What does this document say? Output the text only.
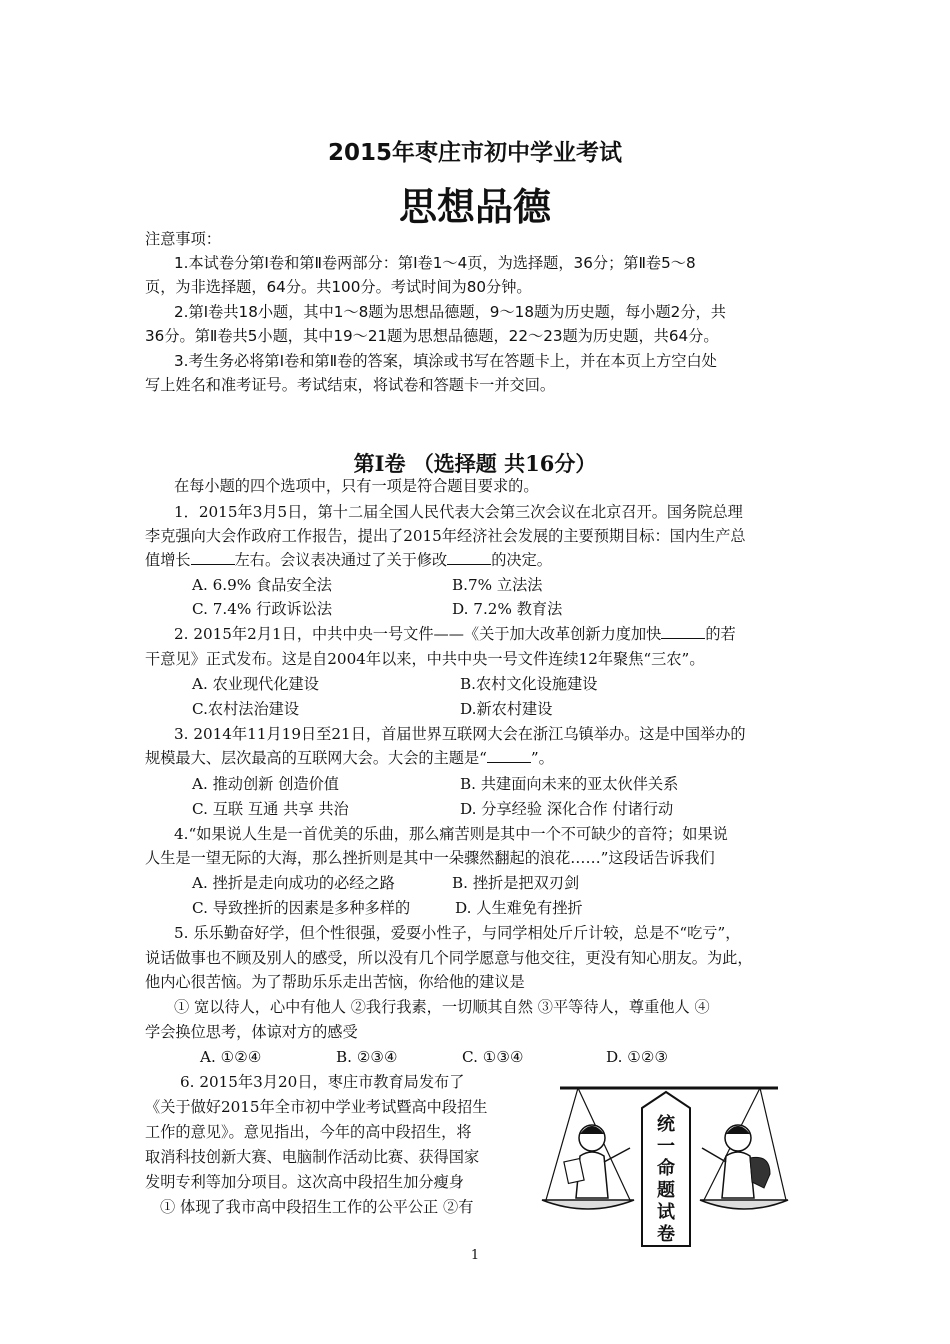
2015年枣庄市初中学业考试
思想品德
注意事项：
1.本试卷分第Ⅰ卷和第Ⅱ卷两部分：第Ⅰ卷1～4页，为选择题，36分；第Ⅱ卷5～8
页，为非选择题，64分。共100分。考试时间为80分钟。
2.第Ⅰ卷共18小题，其中1～8题为思想品德题，9～18题为历史题，每小题2分，共
36分。第Ⅱ卷共5小题，其中19～21题为思想品德题，22～23题为历史题，共64分。
3.考生务必将第Ⅰ卷和第Ⅱ卷的答案，填涂或书写在答题卡上，并在本页上方空白处
写上姓名和准考证号。考试结束，将试卷和答题卡一并交回。
第Ⅰ卷 （选择题 共16分）
在每小题的四个选项中，只有一项是符合题目要求的。
1．2015年3月5日，第十二届全国人民代表大会第三次会议在北京召开。国务院总理
李克强向大会作政府工作报告，提出了2015年经济社会发展的主要预期目标：国内生产总
值增长	左右。会议表决通过了关于修改	的决定。
A. 6.9% 食品安全法	B.7% 立法法
C. 7.4% 行政诉讼法	D. 7.2% 教育法
2. 2015年2月1日，中共中央一号文件——《关于加大改革创新力度加快	的若
干意见》正式发布。这是自2004年以来，中共中央一号文件连续12年聚焦“三农”。
A. 农业现代化建设	B.农村文化设施建设
C.农村法治建设	D.新农村建设
3. 2014年11月19日至21日，首届世界互联网大会在浙江乌镇举办。这是中国举办的
规模最大、层次最高的互联网大会。大会的主题是“	”。
A. 推动创新 创造价值	B. 共建面向未来的亚太伙伴关系
C. 互联 互通 共享 共治	D. 分享经验 深化合作 付诸行动
4.“如果说人生是一首优美的乐曲，那么痛苦则是其中一个不可缺少的音符；如果说
人生是一望无际的大海，那么挫折则是其中一朵骤然翻起的浪花……”这段话告诉我们
A. 挫折是走向成功的必经之路	B. 挫折是把双刃剑
C. 导致挫折的因素是多种多样的	D. 人生难免有挫折
5. 乐乐勤奋好学，但个性很强，爱耍小性子，与同学相处斤斤计较，总是不“吃亏”，
说话做事也不顾及别人的感受，所以没有几个同学愿意与他交往，更没有知心朋友。为此，
他内心很苦恼。为了帮助乐乐走出苦恼，你给他的建议是
① 宽以待人，心中有他人 ②我行我素，一切顺其自然 ③平等待人，尊重他人 ④
学会换位思考，体谅对方的感受
A. ①②④	B. ②③④	C. ①③④	D. ①②③
6. 2015年3月20日，枣庄市教育局发布了
《关于做好2015年全市初中学业考试暨高中段招生
工作的意见》。意见指出，今年的高中段招生，将
取消科技创新大赛、电脑制作活动比赛、获得国家
发明专利等加分项目。这次高中段招生加分瘦身
① 体现了我市高中段招生工作的公平公正 ②有
统
一
命
题
试
卷
1
